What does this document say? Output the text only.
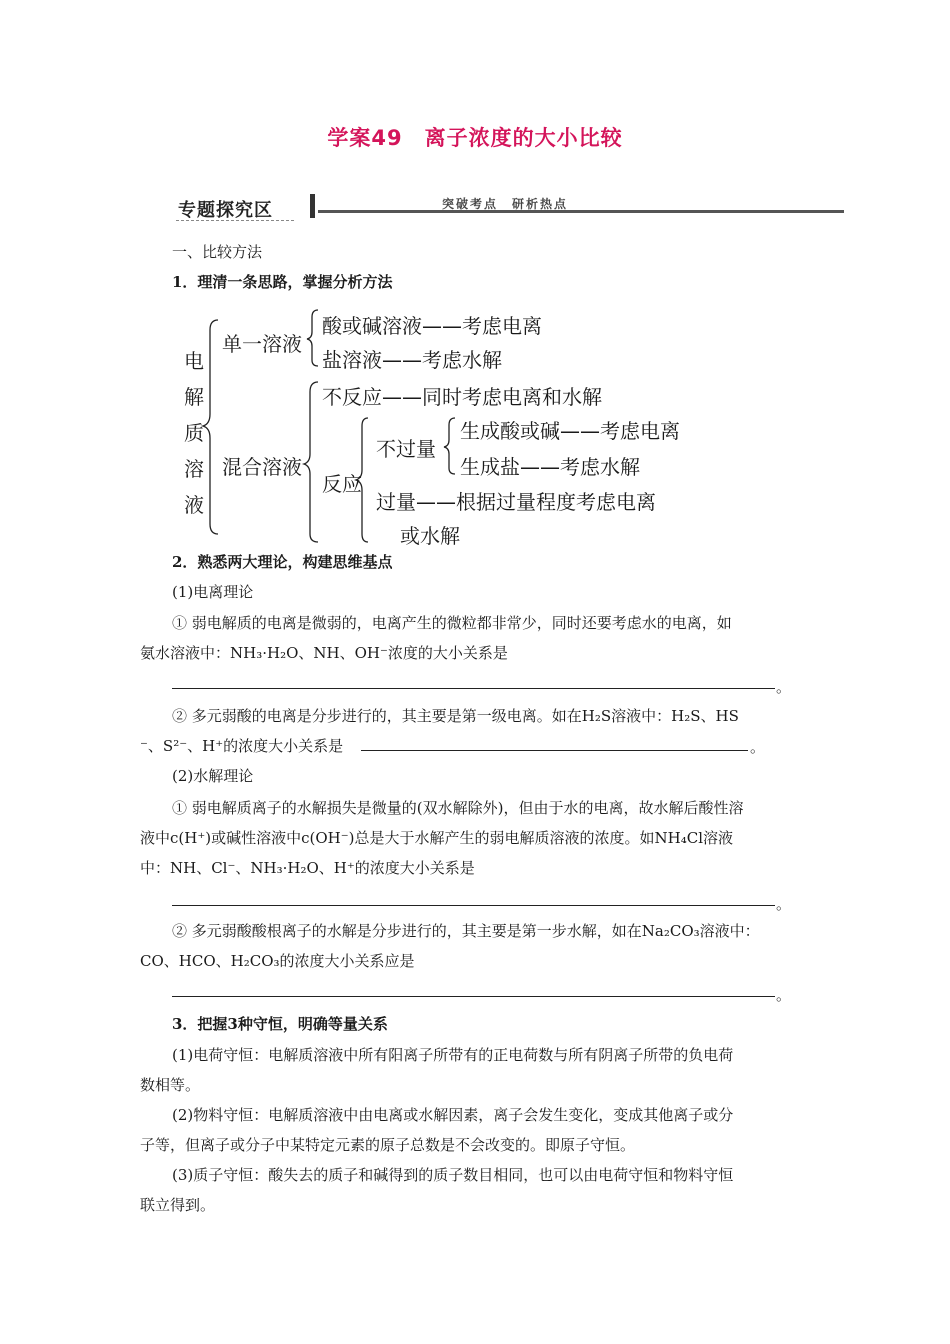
学案49　离子浓度的大小比较
专题探究区	突破考点　研析热点
一、比较方法
1．理清一条思路，掌握分析方法
电
解
质
溶
液
单一溶液
酸或碱溶液——考虑电离
盐溶液——考虑水解
混合溶液
不反应——同时考虑电离和水解
反应
不过量
生成酸或碱——考虑电离
生成盐——考虑水解
过量——根据过量程度考虑电离
或水解
2．熟悉两大理论，构建思维基点
(1)电离理论
① 弱电解质的电离是微弱的，电离产生的微粒都非常少，同时还要考虑水的电离，如
氨水溶液中：NH₃·H₂O、NH、OH⁻浓度的大小关系是
。
② 多元弱酸的电离是分步进行的，其主要是第一级电离。如在H₂S溶液中：H₂S、HS
⁻、S²⁻、H⁺的浓度大小关系是	。
(2)水解理论
① 弱电解质离子的水解损失是微量的(双水解除外)，但由于水的电离，故水解后酸性溶
液中c(H⁺)或碱性溶液中c(OH⁻)总是大于水解产生的弱电解质溶液的浓度。如NH₄Cl溶液
中：NH、Cl⁻、NH₃·H₂O、H⁺的浓度大小关系是
。
② 多元弱酸酸根离子的水解是分步进行的，其主要是第一步水解，如在Na₂CO₃溶液中：
CO、HCO、H₂CO₃的浓度大小关系应是
。
3．把握3种守恒，明确等量关系
(1)电荷守恒：电解质溶液中所有阳离子所带有的正电荷数与所有阴离子所带的负电荷
数相等。
(2)物料守恒：电解质溶液中由电离或水解因素，离子会发生变化，变成其他离子或分
子等，但离子或分子中某特定元素的原子总数是不会改变的。即原子守恒。
(3)质子守恒：酸失去的质子和碱得到的质子数目相同，也可以由电荷守恒和物料守恒
联立得到。
